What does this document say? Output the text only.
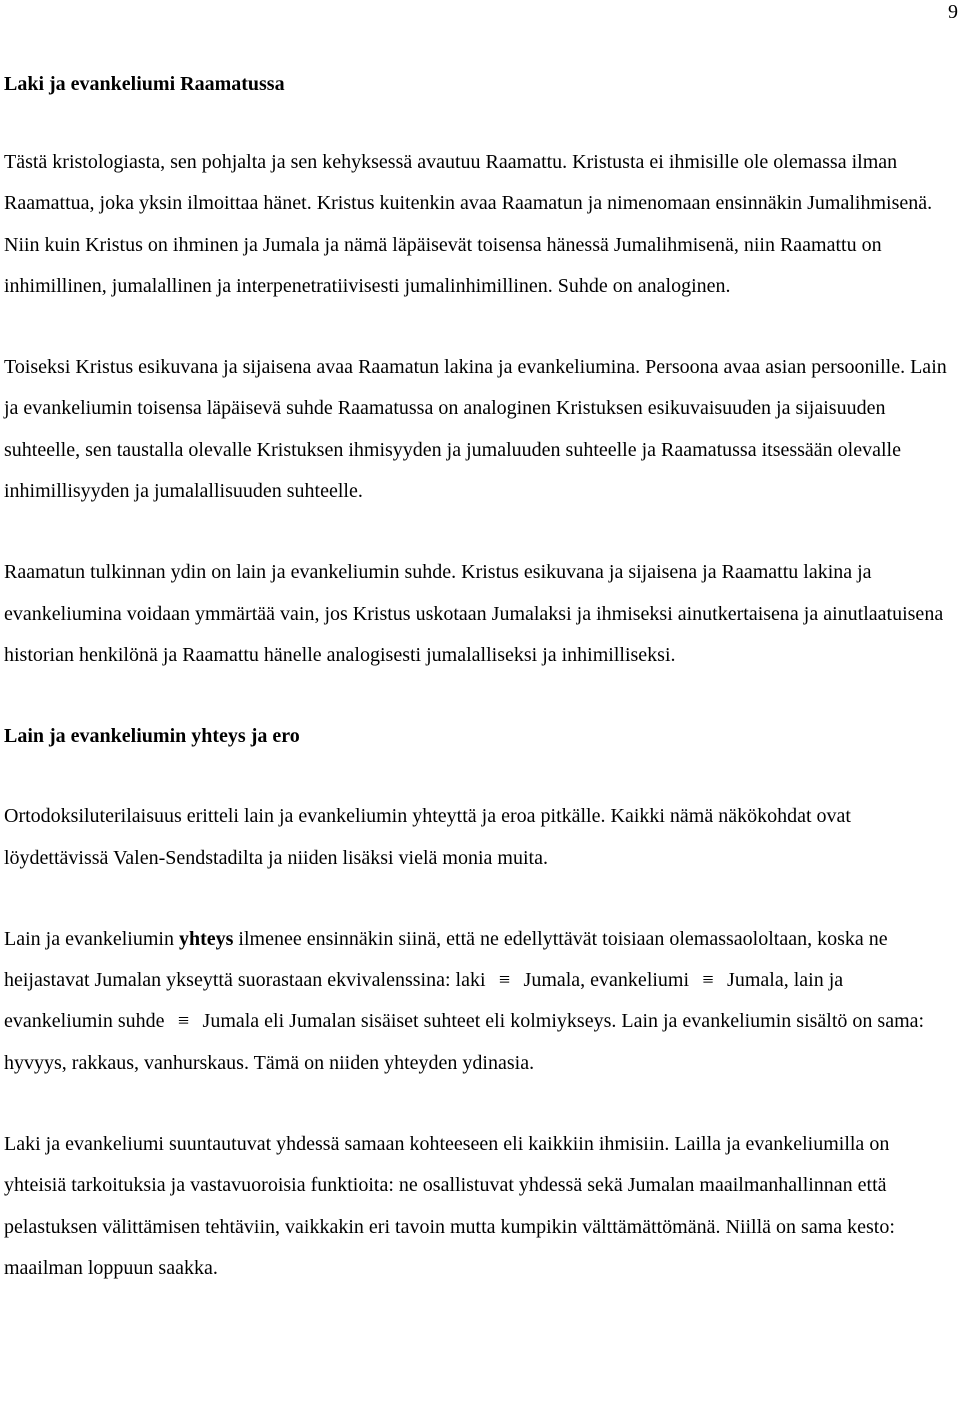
9
Laki ja evankeliumi Raamatussa

Tästä kristologiasta, sen pohjalta ja sen kehyksessä avautuu Raamattu. Kristusta ei ihmisille ole olemassa ilman Raamattua, joka yksin ilmoittaa hänet. Kristus kuitenkin avaa Raamatun ja nimenomaan ensinnäkin Jumalihmisenä. Niin kuin Kristus on ihminen ja Jumala ja nämä läpäisevät toisensa hänessä Jumalihmisenä, niin Raamattu on inhimillinen, jumalallinen ja interpenetratiivisesti jumalinhimillinen. Suhde on analoginen.

Toiseksi Kristus esikuvana ja sijaisena avaa Raamatun lakina ja evankeliumina. Persoona avaa asian persoonille. Lain ja evankeliumin toisensa läpäisevä suhde Raamatussa on analoginen Kristuksen esikuvaisuuden ja sijaisuuden suhteelle, sen taustalla olevalle Kristuksen ihmisyyden ja jumaluuden suhteelle ja Raamatussa itsessään olevalle inhimillisyyden ja jumalallisuuden suhteelle.

Raamatun tulkinnan ydin on lain ja evankeliumin suhde. Kristus esikuvana ja sijaisena ja Raamattu lakina ja evankeliumina voidaan ymmärtää vain, jos Kristus uskotaan Jumalaksi ja ihmiseksi ainutkertaisena ja ainutlaatuisena historian henkilönä ja Raamattu hänelle analogisesti jumalalliseksi ja inhimilliseksi.

Lain ja evankeliumin yhteys ja ero

Ortodoksiluterilaisuus eritteli lain ja evankeliumin yhteyttä ja eroa pitkälle. Kaikki nämä näkökohdat ovat löydettävissä Valen-Sendstadilta ja niiden lisäksi vielä monia muita.

Lain ja evankeliumin yhteys ilmenee ensinnäkin siinä, että ne edellyttävät toisiaan olemassaololtaan, koska ne heijastavat Jumalan ykseyttä suorastaan ekvivalenssina: laki ≡ Jumala, evankeliumi ≡ Jumala, lain ja evankeliumin suhde ≡ Jumala eli Jumalan sisäiset suhteet eli kolmiykseys. Lain ja evankeliumin sisältö on sama: hyvyys, rakkaus, vanhurskaus. Tämä on niiden yhteyden ydinasia.

Laki ja evankeliumi suuntautuvat yhdessä samaan kohteeseen eli kaikkiin ihmisiin. Lailla ja evankeliumilla on yhteisiä tarkoituksia ja vastavuoroisia funktioita: ne osallistuvat yhdessä sekä Jumalan maailmanhallinnan että pelastuksen välittämisen tehtäviin, vaikkakin eri tavoin mutta kumpikin välttämättömänä. Niillä on sama kesto: maailman loppuun saakka.
